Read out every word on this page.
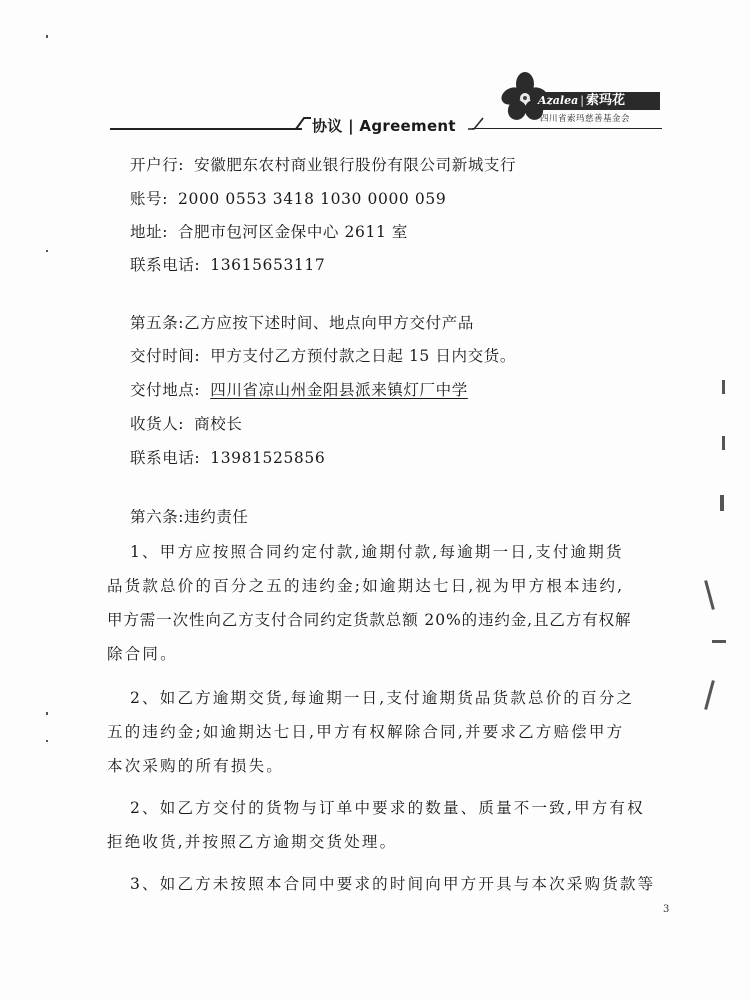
协议 | Agreement
Azalea | 索玛花
四川省索玛慈善基金会
开户行: 安徽肥东农村商业银行股份有限公司新城支行
账号: 2000 0553 3418 1030 0000 059
地址: 合肥市包河区金保中心 2611 室
联系电话: 13615653117
第五条:乙方应按下述时间、地点向甲方交付产品
交付时间: 甲方支付乙方预付款之日起 15 日内交货。
交付地点: 四川省凉山州金阳县派来镇灯厂中学
收货人: 商校长
联系电话: 13981525856
第六条:违约责任
1、甲方应按照合同约定付款,逾期付款,每逾期一日,支付逾期货
品货款总价的百分之五的违约金;如逾期达七日,视为甲方根本违约,
甲方需一次性向乙方支付合同约定货款总额 20%的违约金,且乙方有权解
除合同。
2、如乙方逾期交货,每逾期一日,支付逾期货品货款总价的百分之
五的违约金;如逾期达七日,甲方有权解除合同,并要求乙方赔偿甲方
本次采购的所有损失。
2、如乙方交付的货物与订单中要求的数量、质量不一致,甲方有权
拒绝收货,并按照乙方逾期交货处理。
3、如乙方未按照本合同中要求的时间向甲方开具与本次采购货款等
3
